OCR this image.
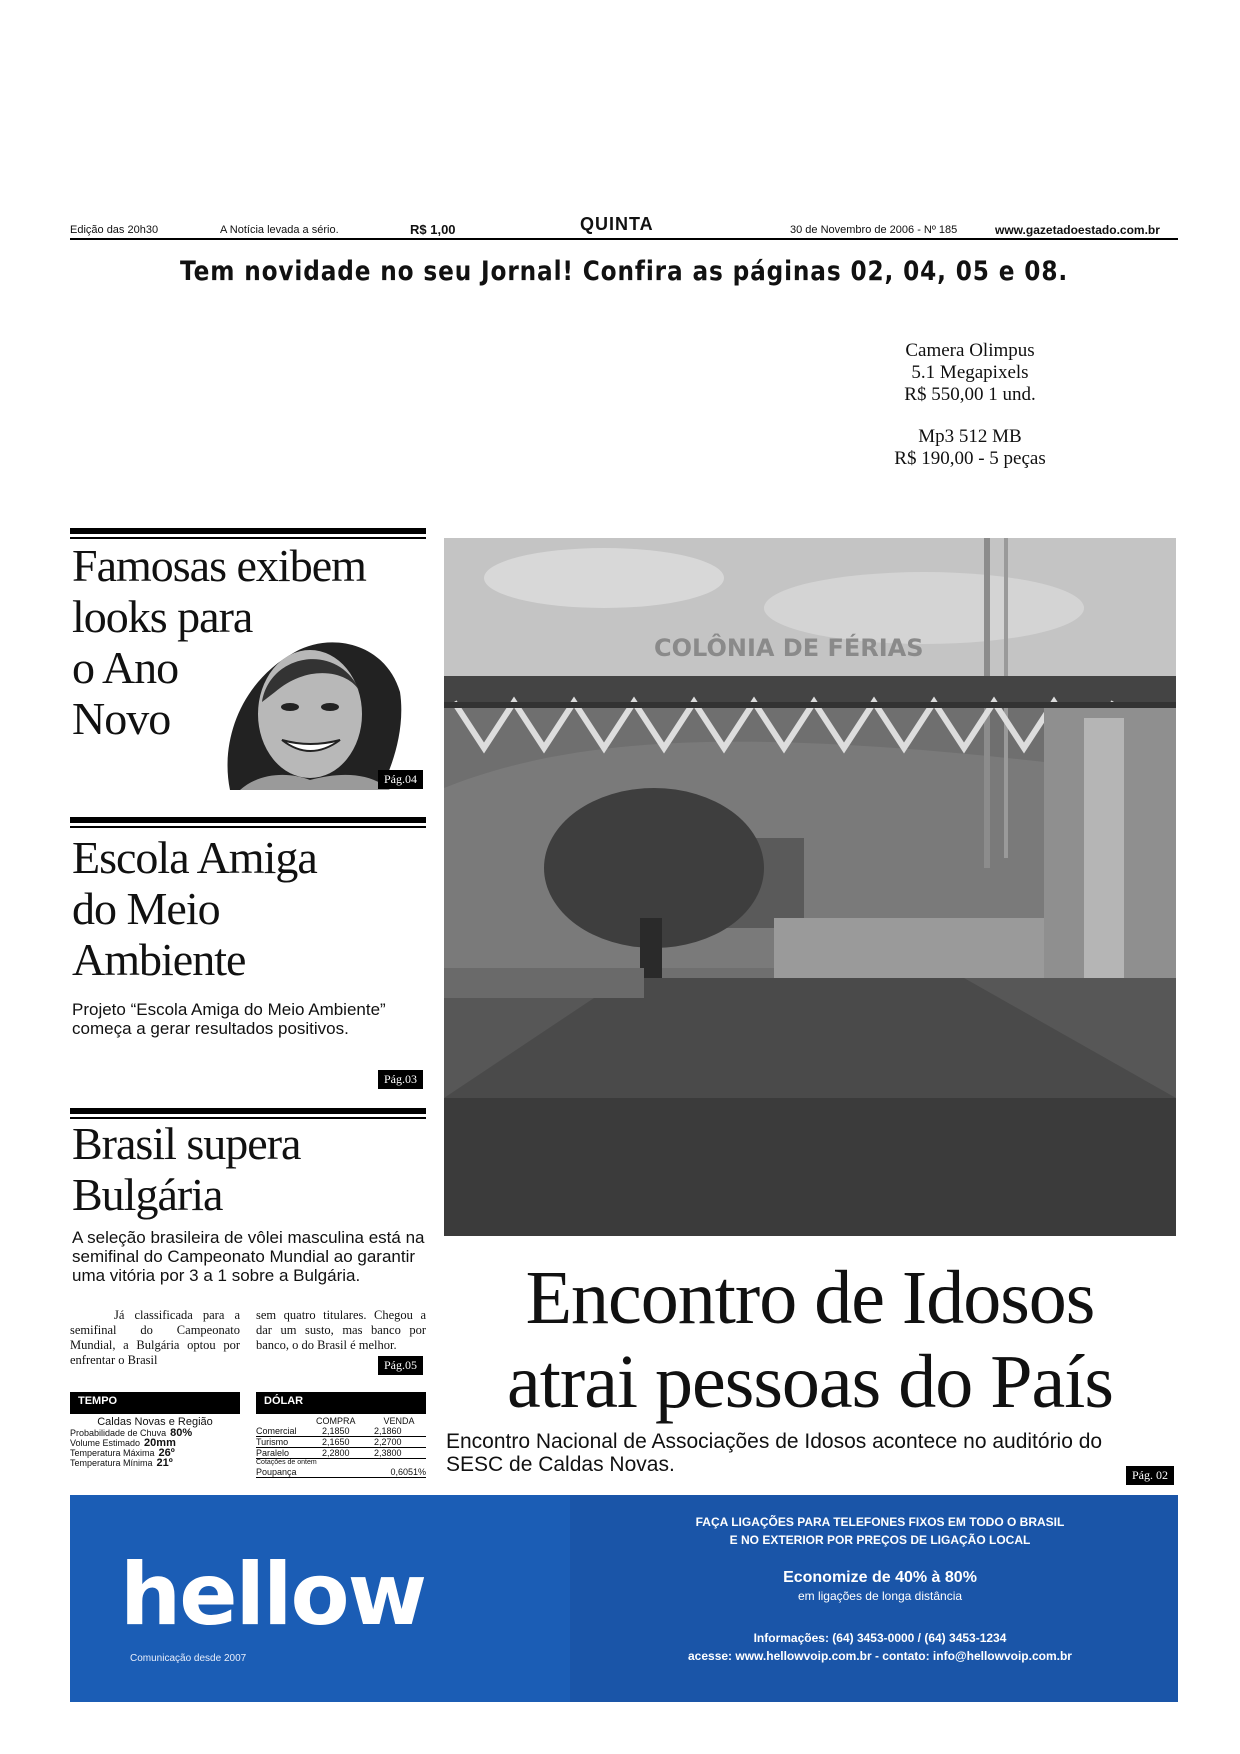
Edição das 20h30	A Notícia levada a sério.	R$ 1,00	QUINTA	30 de Novembro de 2006 - Nº 185	www.gazetadoestado.com.br
Tem novidade no seu Jornal! Confira as páginas 02, 04, 05 e 08.
Camera Olimpus
5.1 Megapixels
R$ 550,00 1 und.
Mp3 512 MB
R$ 190,00 - 5 peças
Famosas exibem
looks para
o Ano
Novo
Pág.04
Escola Amiga
do Meio
Ambiente
Projeto “Escola Amiga do Meio Ambiente” começa a gerar resultados positivos.
Pág.03
Brasil supera
Bulgária
A seleção brasileira de vôlei masculina está na semifinal do Campeonato Mundial ao garantir uma vitória por 3 a 1 sobre a Bulgária.
Já classificada para a semifinal do Campeonato Mundial, a Bulgária optou por enfrentar o Brasil
sem quatro titulares. Chegou a dar um susto, mas banco por banco, o do Brasil é melhor.
Pág.05
TEMPO
Caldas Novas e Região
Probabilidade de Chuva 80%
Volume Estimado 20mm
Temperatura Máxima 26º
Temperatura Mínima 21º
DÓLAR
COMPRA	VENDA
Comercial	2,1850	2,1860
Turismo	2,1650	2,2700
Paralelo	2,2800	2,3800
Cotações de ontem
Poupança	0,6051%
COLÔNIA DE FÉRIAS
Encontro de Idosos
atrai pessoas do País
Encontro Nacional de Associações de Idosos acontece no auditório do SESC de Caldas Novas.	Pág. 02
hellow
Comunicação desde 2007
FAÇA LIGAÇÕES PARA TELEFONES FIXOS EM TODO O BRASIL
E NO EXTERIOR POR PREÇOS DE LIGAÇÃO LOCAL
Economize de 40% à 80%
em ligações de longa distância
Informações: (64) 3453-0000 / (64) 3453-1234
acesse: www.hellowvoip.com.br - contato: info@hellowvoip.com.br
